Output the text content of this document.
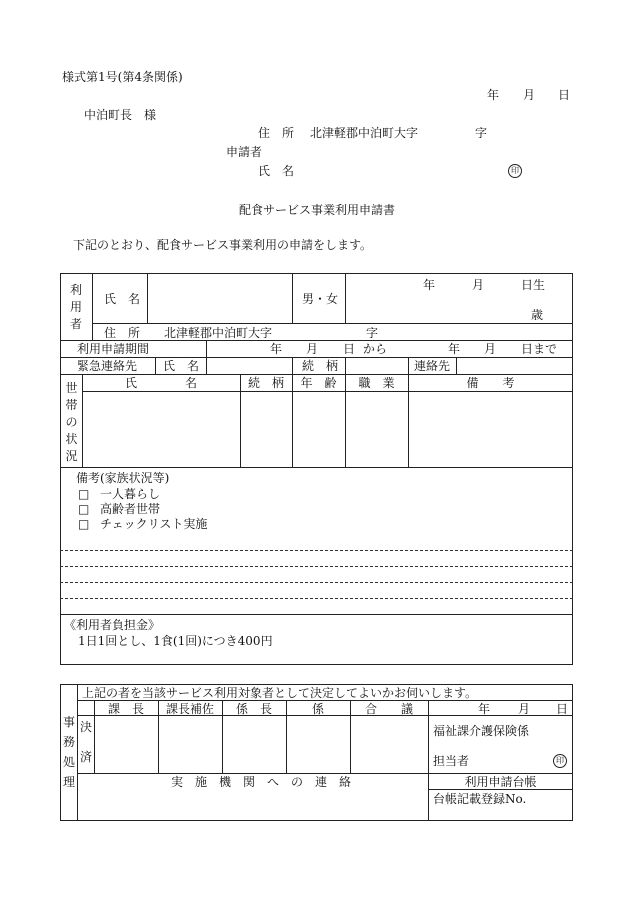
様式第1号(第4条関係)
年 月 日
中泊町長　様
住　所 北津軽郡中泊町大字	字
申請者
氏　名	印
配食サービス事業利用申請書
下記のとおり、配食サービス事業利用の申請をします。
利
用
者
氏　名	男・女
年	月	日生
歳
住　所 北津軽郡中泊町大字	字
利用申請期間	年 月 日 から	年 月 日まで
緊急連絡先 氏　名	続　柄	連絡先
世
帯
の
状
況
氏　　　　名	続　柄	年　齢	職　業	備　　考
備考(家族状況等)
□ 一人暮らし
□ 高齢者世帯
□ チェックリスト実施
《利用者負担金》
1日1回とし、1食(1回)につき400円
事
務
処
理
上記の者を当該サービス利用対象者として決定してよいかお伺いします。
決
済
課　長	課長補佐	係　長	係	合　　議	年 月 日
福祉課介護保険係
担当者	印
実　施　機　関　へ　の　連　絡	利用申請台帳
台帳記載登録No.
